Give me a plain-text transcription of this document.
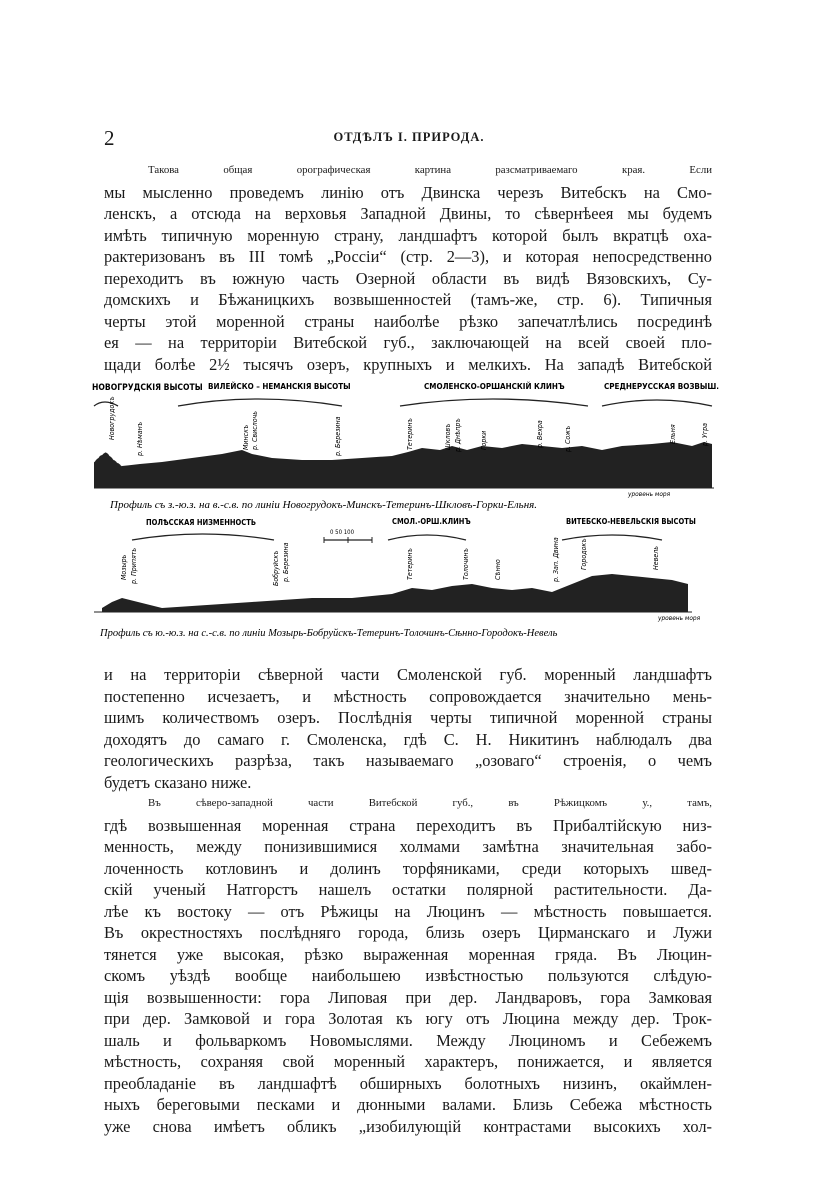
2	ОТДѢЛЪ I. ПРИРОДА.

Такова общая орографическая картина разсматриваемаго края. Если
мы мысленно проведемъ линію отъ Двинска черезъ Витебскъ на Смо-
ленскъ, а отсюда на верховья Западной Двины, то сѣвернѣеея мы будемъ
имѣть типичную моренную страну, ландшафтъ которой былъ вкратцѣ оха-
рактеризованъ въ III томѣ „Россіи“ (стр. 2—3), и которая непосредственно
переходитъ въ южную часть Озерной области въ видѣ Вязовскихъ, Су-
домскихъ и Бѣжаницкихъ возвышенностей (тамъ-же, стр. 6). Типичныя
черты этой моренной страны наиболѣе рѣзко запечатлѣлись посрединѣ
ея — на территоріи Витебской губ., заключающей на всей своей пло-
щади болѣе 2½ тысячъ озеръ, крупныхъ и мелкихъ. На западѣ Витебской

НОВОГРУДСКІЯ ВЫСОТЫ ВИЛЕЙСКО – НЕМАНСКІЯ ВЫСОТЫ	СМОЛЕНСКО-ОРШАНСКІЙ КЛИНЪ	СРЕДНЕРУССКАЯ ВОЗВЫШ.
Новогрудокъ	р. Нѣманъ	Минскъ р. Свислочь	р. Березина	Тетеринъ	Шкловъ р. Днѣпръ	Горки	р. Вехра	р. Сожъ	Ельня	р. Угра
уровень моря
Профиль съ з.-ю.з. на в.-с.в. по линіи Новогрудокъ-Минскъ-Тетеринъ-Шкловъ-Горки-Ельня.
ПОЛѢССКАЯ НИЗМЕННОСТЬ	СМОЛ.-ОРШ.КЛИНЪ	ВИТЕБСКО-НЕВЕЛЬСКІЯ ВЫСОТЫ
0 50 100
Мозырь р. Припять	Бобруйскъ р. Березина	Тетеринъ	Толочинъ	Сѣнно	р. Зап. Двина	Городокъ	Невель
уровень моря
Профиль съ ю.-ю.з. на с.-с.в. по линіи Мозырь-Бобруйскъ-Тетеринъ-Толочинъ-Сѣнно-Городокъ-Невель

и на территоріи сѣверной части Смоленской губ. моренный ландшафтъ
постепенно исчезаетъ, и мѣстность сопровождается значительно мень-
шимъ количествомъ озеръ. Послѣднія черты типичной моренной страны
доходятъ до самаго г. Смоленска, гдѣ С. Н. Никитинъ наблюдалъ два
геологическихъ разрѣза, такъ называемаго „озоваго“ строенія, о чемъ
будетъ сказано ниже.

Въ сѣверо-западной части Витебской губ., въ Рѣжицкомъ у., тамъ,
гдѣ возвышенная моренная страна переходитъ въ Прибалтійскую низ-
менность, между понизившимися холмами замѣтна значительная забо-
лоченность котловинъ и долинъ торфяниками, среди которыхъ швед-
скій ученый Натгорстъ нашелъ остатки полярной растительности. Да-
лѣе къ востоку — отъ Рѣжицы на Люцинъ — мѣстность повышается.
Въ окрестностяхъ послѣдняго города, близь озеръ Цирманскаго и Лужи
тянется уже высокая, рѣзко выраженная моренная гряда. Въ Люцин-
скомъ уѣздѣ вообще наибольшею извѣстностью пользуются слѣдую-
щія возвышенности: гора Липовая при дер. Ландваровъ, гора Замковая
при дер. Замковой и гора Золотая къ югу отъ Люцина между дер. Трок-
шаль и фольваркомъ Новомыслями. Между Люциномъ и Себежемъ
мѣстность, сохраняя свой моренный характеръ, понижается, и является
преобладаніе въ ландшафтѣ обширныхъ болотныхъ низинъ, окаймлен-
ныхъ береговыми песками и дюнными валами. Близь Себежа мѣстность
уже снова имѣетъ обликъ „изобилующій контрастами высокихъ хол-
